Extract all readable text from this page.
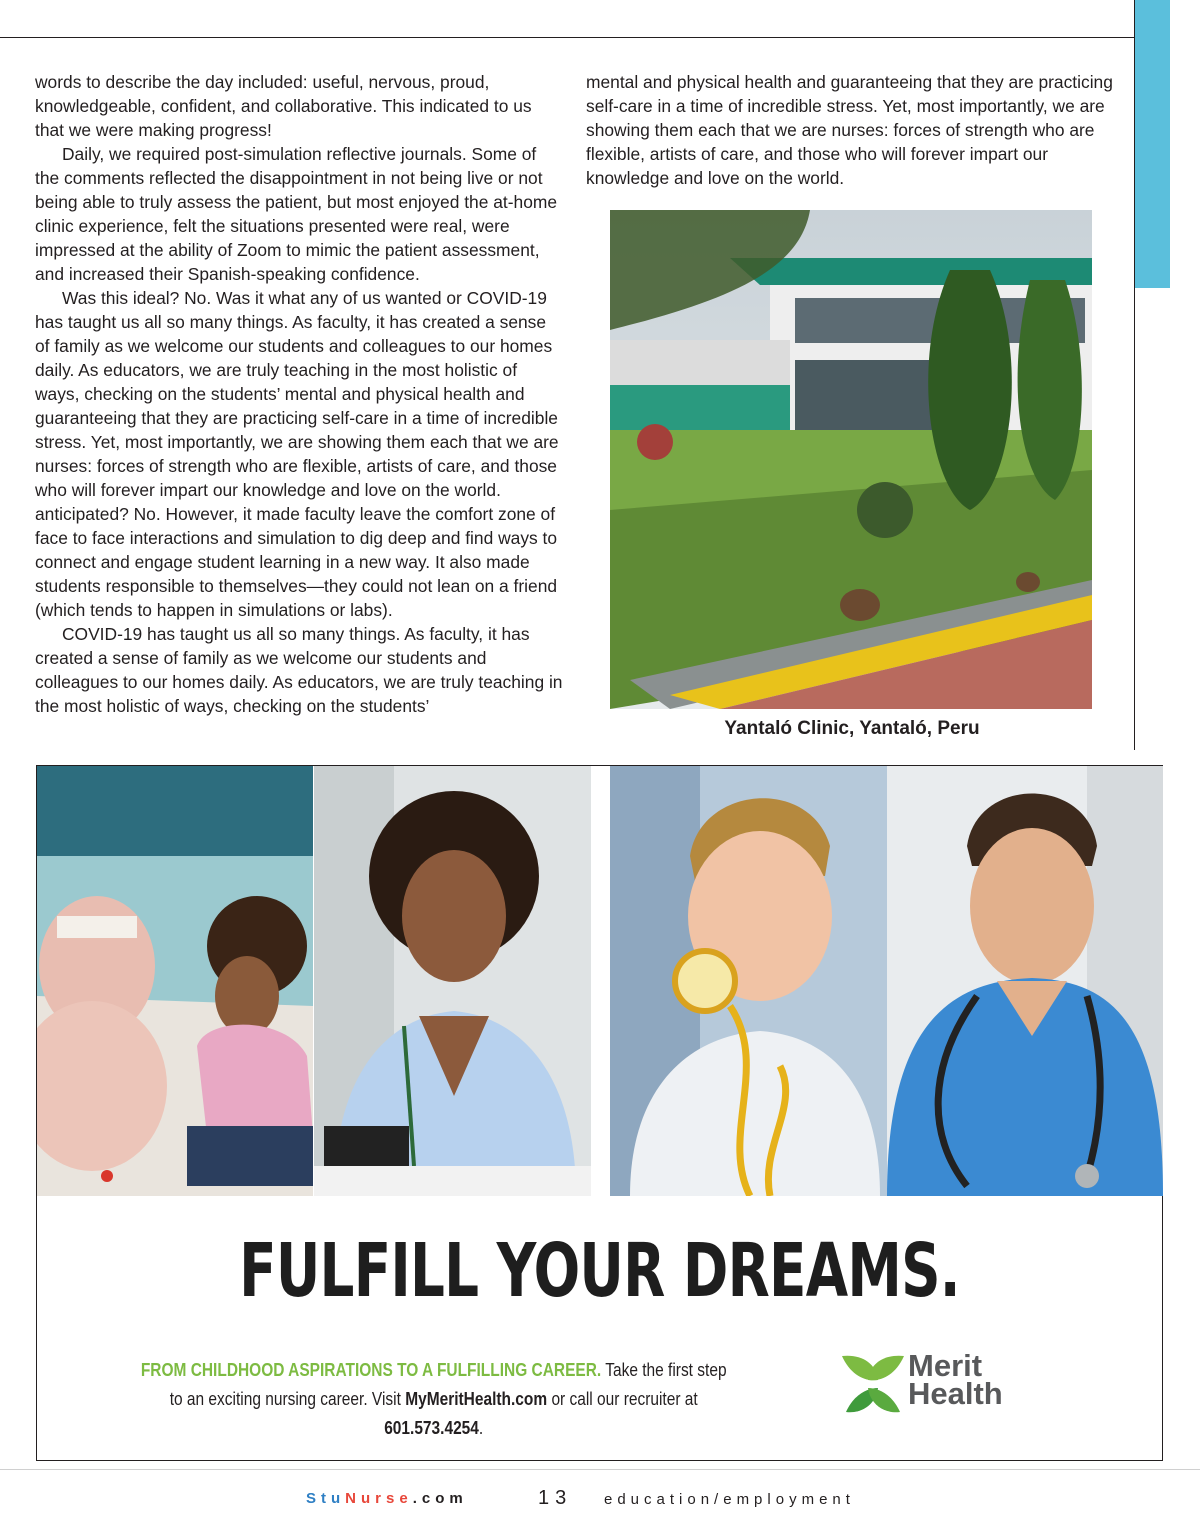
words to describe the day included: useful, nervous, proud, knowledgeable, confident, and collaborative. This indicated to us that we were making progress!

Daily, we required post-simulation reflective journals. Some of the comments reflected the disappointment in not being live or not being able to truly assess the patient, but most enjoyed the at-home clinic experience, felt the situations presented were real, were impressed at the ability of Zoom to mimic the patient assessment, and increased their Spanish-speaking confidence.

Was this ideal? No. Was it what any of us wanted or COVID-19 has taught us all so many things. As faculty, it has created a sense of family as we welcome our students and colleagues to our homes daily. As educators, we are truly teaching in the most holistic of ways, checking on the students’ mental and physical health and guaranteeing that they are practicing self-care in a time of incredible stress. Yet, most importantly, we are showing them each that we are nurses: forces of strength who are flexible, artists of care, and those who will forever impart our knowledge and love on the world. anticipated? No. However, it made faculty leave the comfort zone of face to face interactions and simulation to dig deep and find ways to connect and engage student learning in a new way. It also made students responsible to themselves—they could not lean on a friend (which tends to happen in simulations or labs).

COVID-19 has taught us all so many things. As faculty, it has created a sense of family as we welcome our students and colleagues to our homes daily. As educators, we are truly teaching in the most holistic of ways, checking on the students’

mental and physical health and guaranteeing that they are practicing self-care in a time of incredible stress. Yet, most importantly, we are showing them each that we are nurses: forces of strength who are flexible, artists of care, and those who will forever impart our knowledge and love on the world.

Yantaló Clinic, Yantaló, Peru
FULFILL YOUR DREAMS.
FROM CHILDHOOD ASPIRATIONS TO A FULFILLING CAREER. Take the first step to an exciting nursing career. Visit MyMeritHealth.com or call our recruiter at 601.573.4254.
Merit
Health
StuNurse.com	13 education/employment
